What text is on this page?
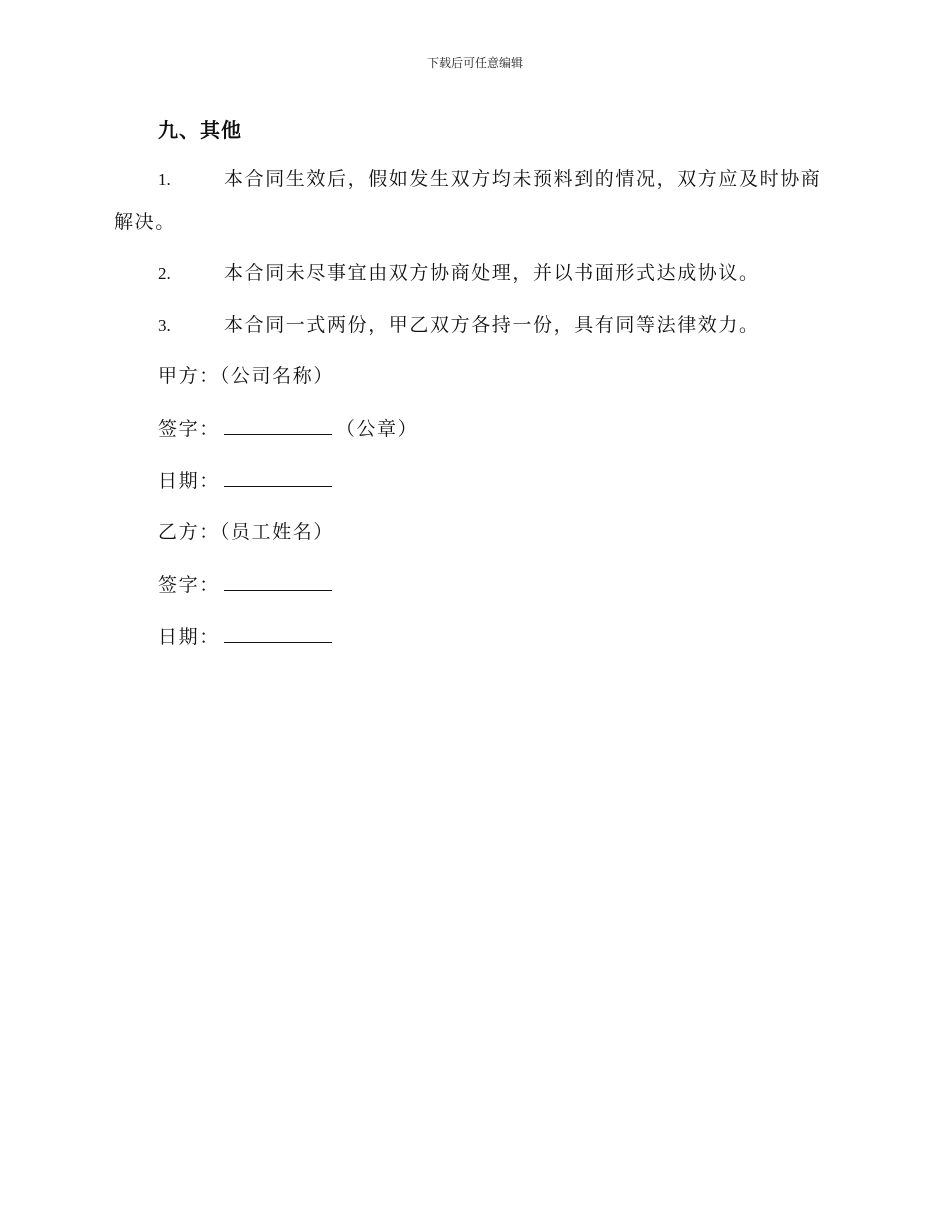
下载后可任意编辑
九、其他
1.	本合同生效后，假如发生双方均未预料到的情况，双方应及时协商解决。
2.	本合同未尽事宜由双方协商处理，并以书面形式达成协议。
3.	本合同一式两份，甲乙双方各持一份，具有同等法律效力。
甲方：（公司名称）
签字：	（公章）
日期：
乙方：（员工姓名）
签字：
日期：
